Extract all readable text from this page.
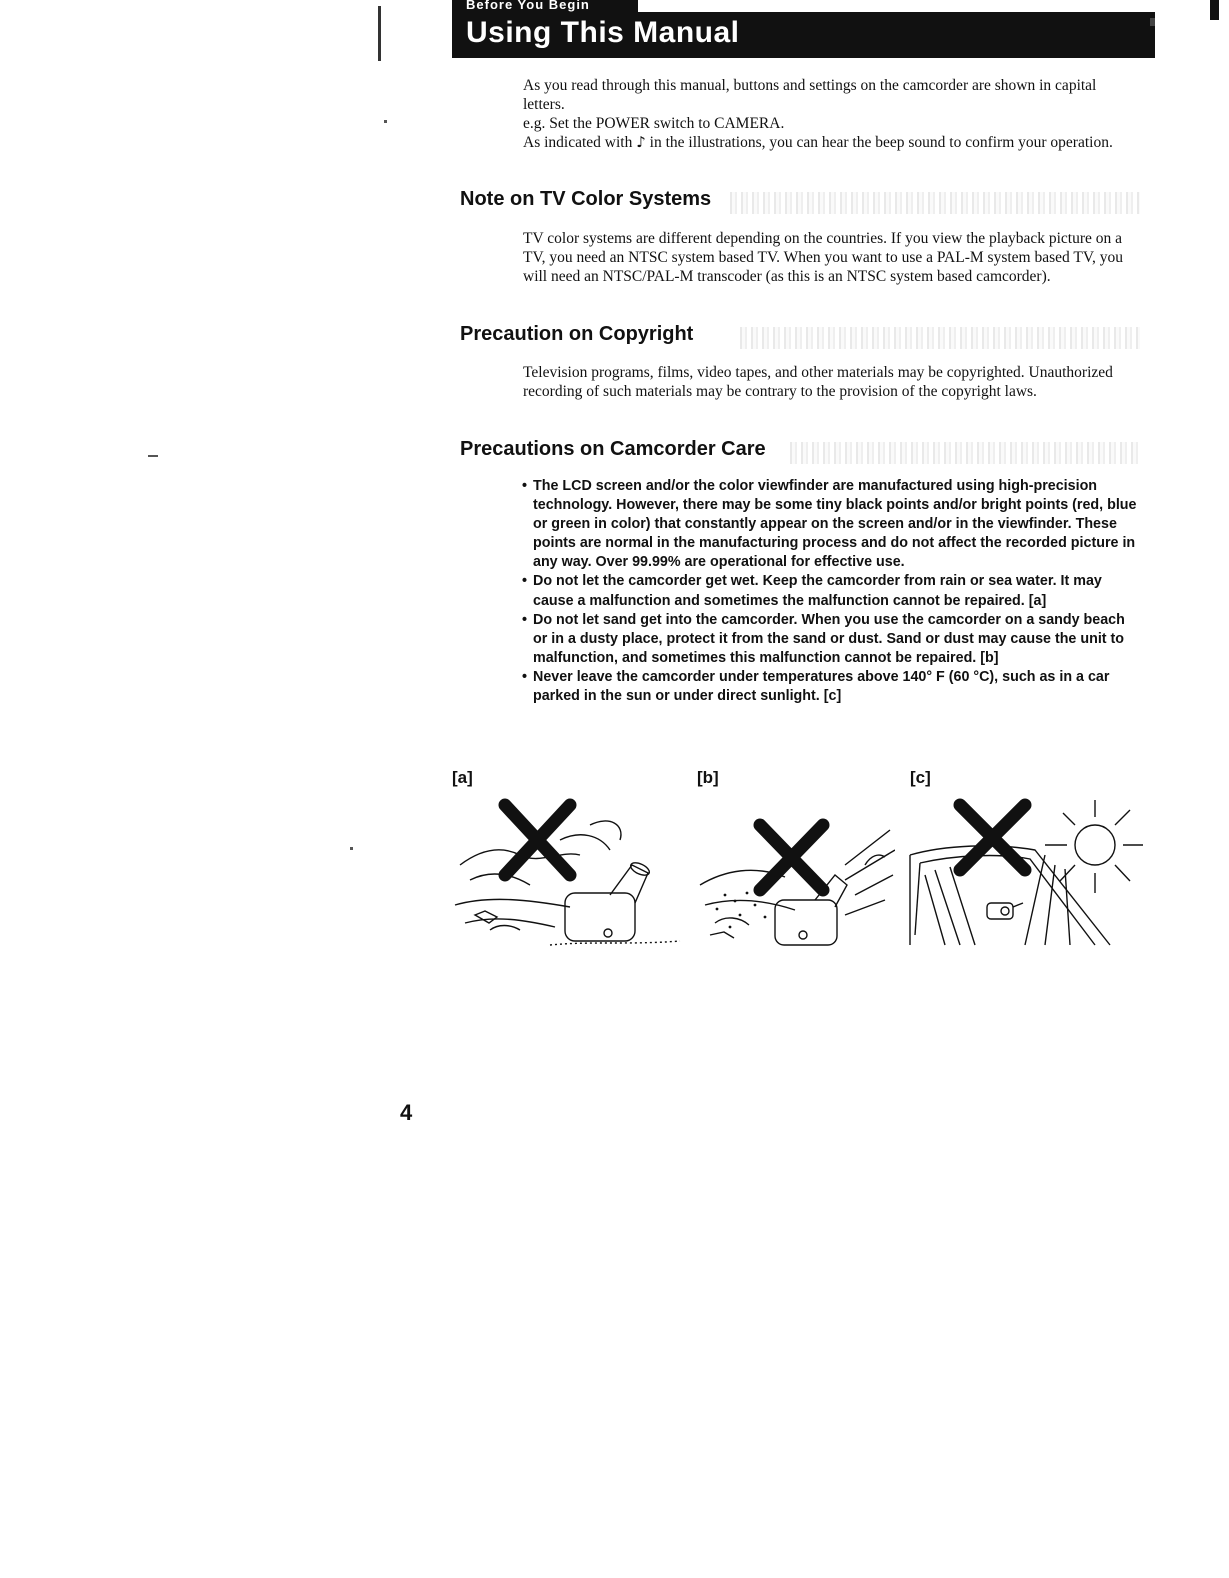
Before You Begin
Using This Manual

As you read through this manual, buttons and settings on the camcorder are shown in capital letters.

e.g. Set the POWER switch to CAMERA.

As indicated with ♪ in the illustrations, you can hear the beep sound to confirm your operation.

Note on TV Color Systems
TV color systems are different depending on the countries. If you view the playback picture on a TV, you need an NTSC system based TV. When you want to use a PAL-M system based TV, you will need an NTSC/PAL-M transcoder (as this is an NTSC system based camcorder).
Precaution on Copyright
Television programs, films, video tapes, and other materials may be copyrighted. Unauthorized recording of such materials may be contrary to the provision of the copyright laws.
Precautions on Camcorder Care
• The LCD screen and/or the color viewfinder are manufactured using high-precision technology. However, there may be some tiny black points and/or bright points (red, blue or green in color) that constantly appear on the screen and/or in the viewfinder. These points are normal in the manufacturing process and do not affect the recorded picture in any way. Over 99.99% are operational for effective use.
• Do not let the camcorder get wet. Keep the camcorder from rain or sea water. It may cause a malfunction and sometimes the malfunction cannot be repaired. [a]
• Do not let sand get into the camcorder. When you use the camcorder on a sandy beach or in a dusty place, protect it from the sand or dust. Sand or dust may cause the unit to malfunction, and sometimes this malfunction cannot be repaired. [b]
• Never leave the camcorder under temperatures above 140° F (60 °C), such as in a car parked in the sun or under direct sunlight. [c]
[a]	[b]	[c]
4
